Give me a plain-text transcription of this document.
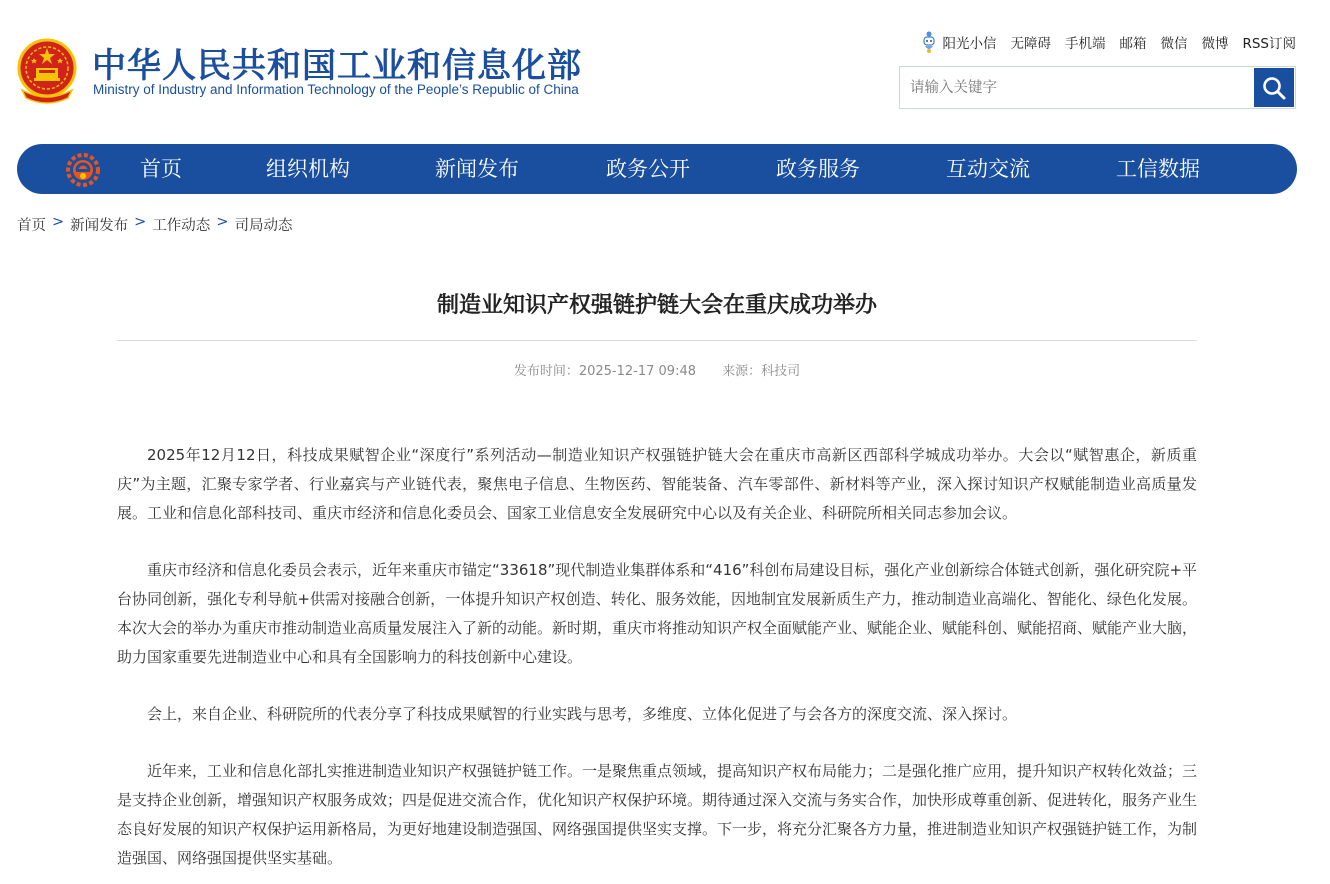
中华人民共和国工业和信息化部
Ministry of Industry and Information Technology of the People’s Republic of China
阳光小信 无障碍 手机端 邮箱 微信 微博 RSS订阅
请输入关键字
首页	组织机构	新闻发布	政务公开	政务服务	互动交流	工信数据
首页 > 新闻发布 > 工作动态 > 司局动态
制造业知识产权强链护链大会在重庆成功举办
发布时间：2025-12-17 09:48 来源：科技司

2025年12月12日，科技成果赋智企业“深度行”系列活动—制造业知识产权强链护链大会在重庆市高新区西部科学城成功举办。大会以“赋智惠企，新质重庆”为主题，汇聚专家学者、行业嘉宾与产业链代表，聚焦电子信息、生物医药、智能装备、汽车零部件、新材料等产业，深入探讨知识产权赋能制造业高质量发展。工业和信息化部科技司、重庆市经济和信息化委员会、国家工业信息安全发展研究中心以及有关企业、科研院所相关同志参加会议。

重庆市经济和信息化委员会表示，近年来重庆市锚定“33618”现代制造业集群体系和“416”科创布局建设目标，强化产业创新综合体链式创新，强化研究院+平台协同创新，强化专利导航+供需对接融合创新，一体提升知识产权创造、转化、服务效能，因地制宜发展新质生产力，推动制造业高端化、智能化、绿色化发展。本次大会的举办为重庆市推动制造业高质量发展注入了新的动能。新时期，重庆市将推动知识产权全面赋能产业、赋能企业、赋能科创、赋能招商、赋能产业大脑，助力国家重要先进制造业中心和具有全国影响力的科技创新中心建设。

会上，来自企业、科研院所的代表分享了科技成果赋智的行业实践与思考，多维度、立体化促进了与会各方的深度交流、深入探讨。

近年来，工业和信息化部扎实推进制造业知识产权强链护链工作。一是聚焦重点领域，提高知识产权布局能力；二是强化推广应用，提升知识产权转化效益；三是支持企业创新，增强知识产权服务成效；四是促进交流合作，优化知识产权保护环境。期待通过深入交流与务实合作，加快形成尊重创新、促进转化，服务产业生态良好发展的知识产权保护运用新格局，为更好地建设制造强国、网络强国提供坚实支撑。下一步，将充分汇聚各方力量，推进制造业知识产权强链护链工作，为制造强国、网络强国提供坚实基础。
